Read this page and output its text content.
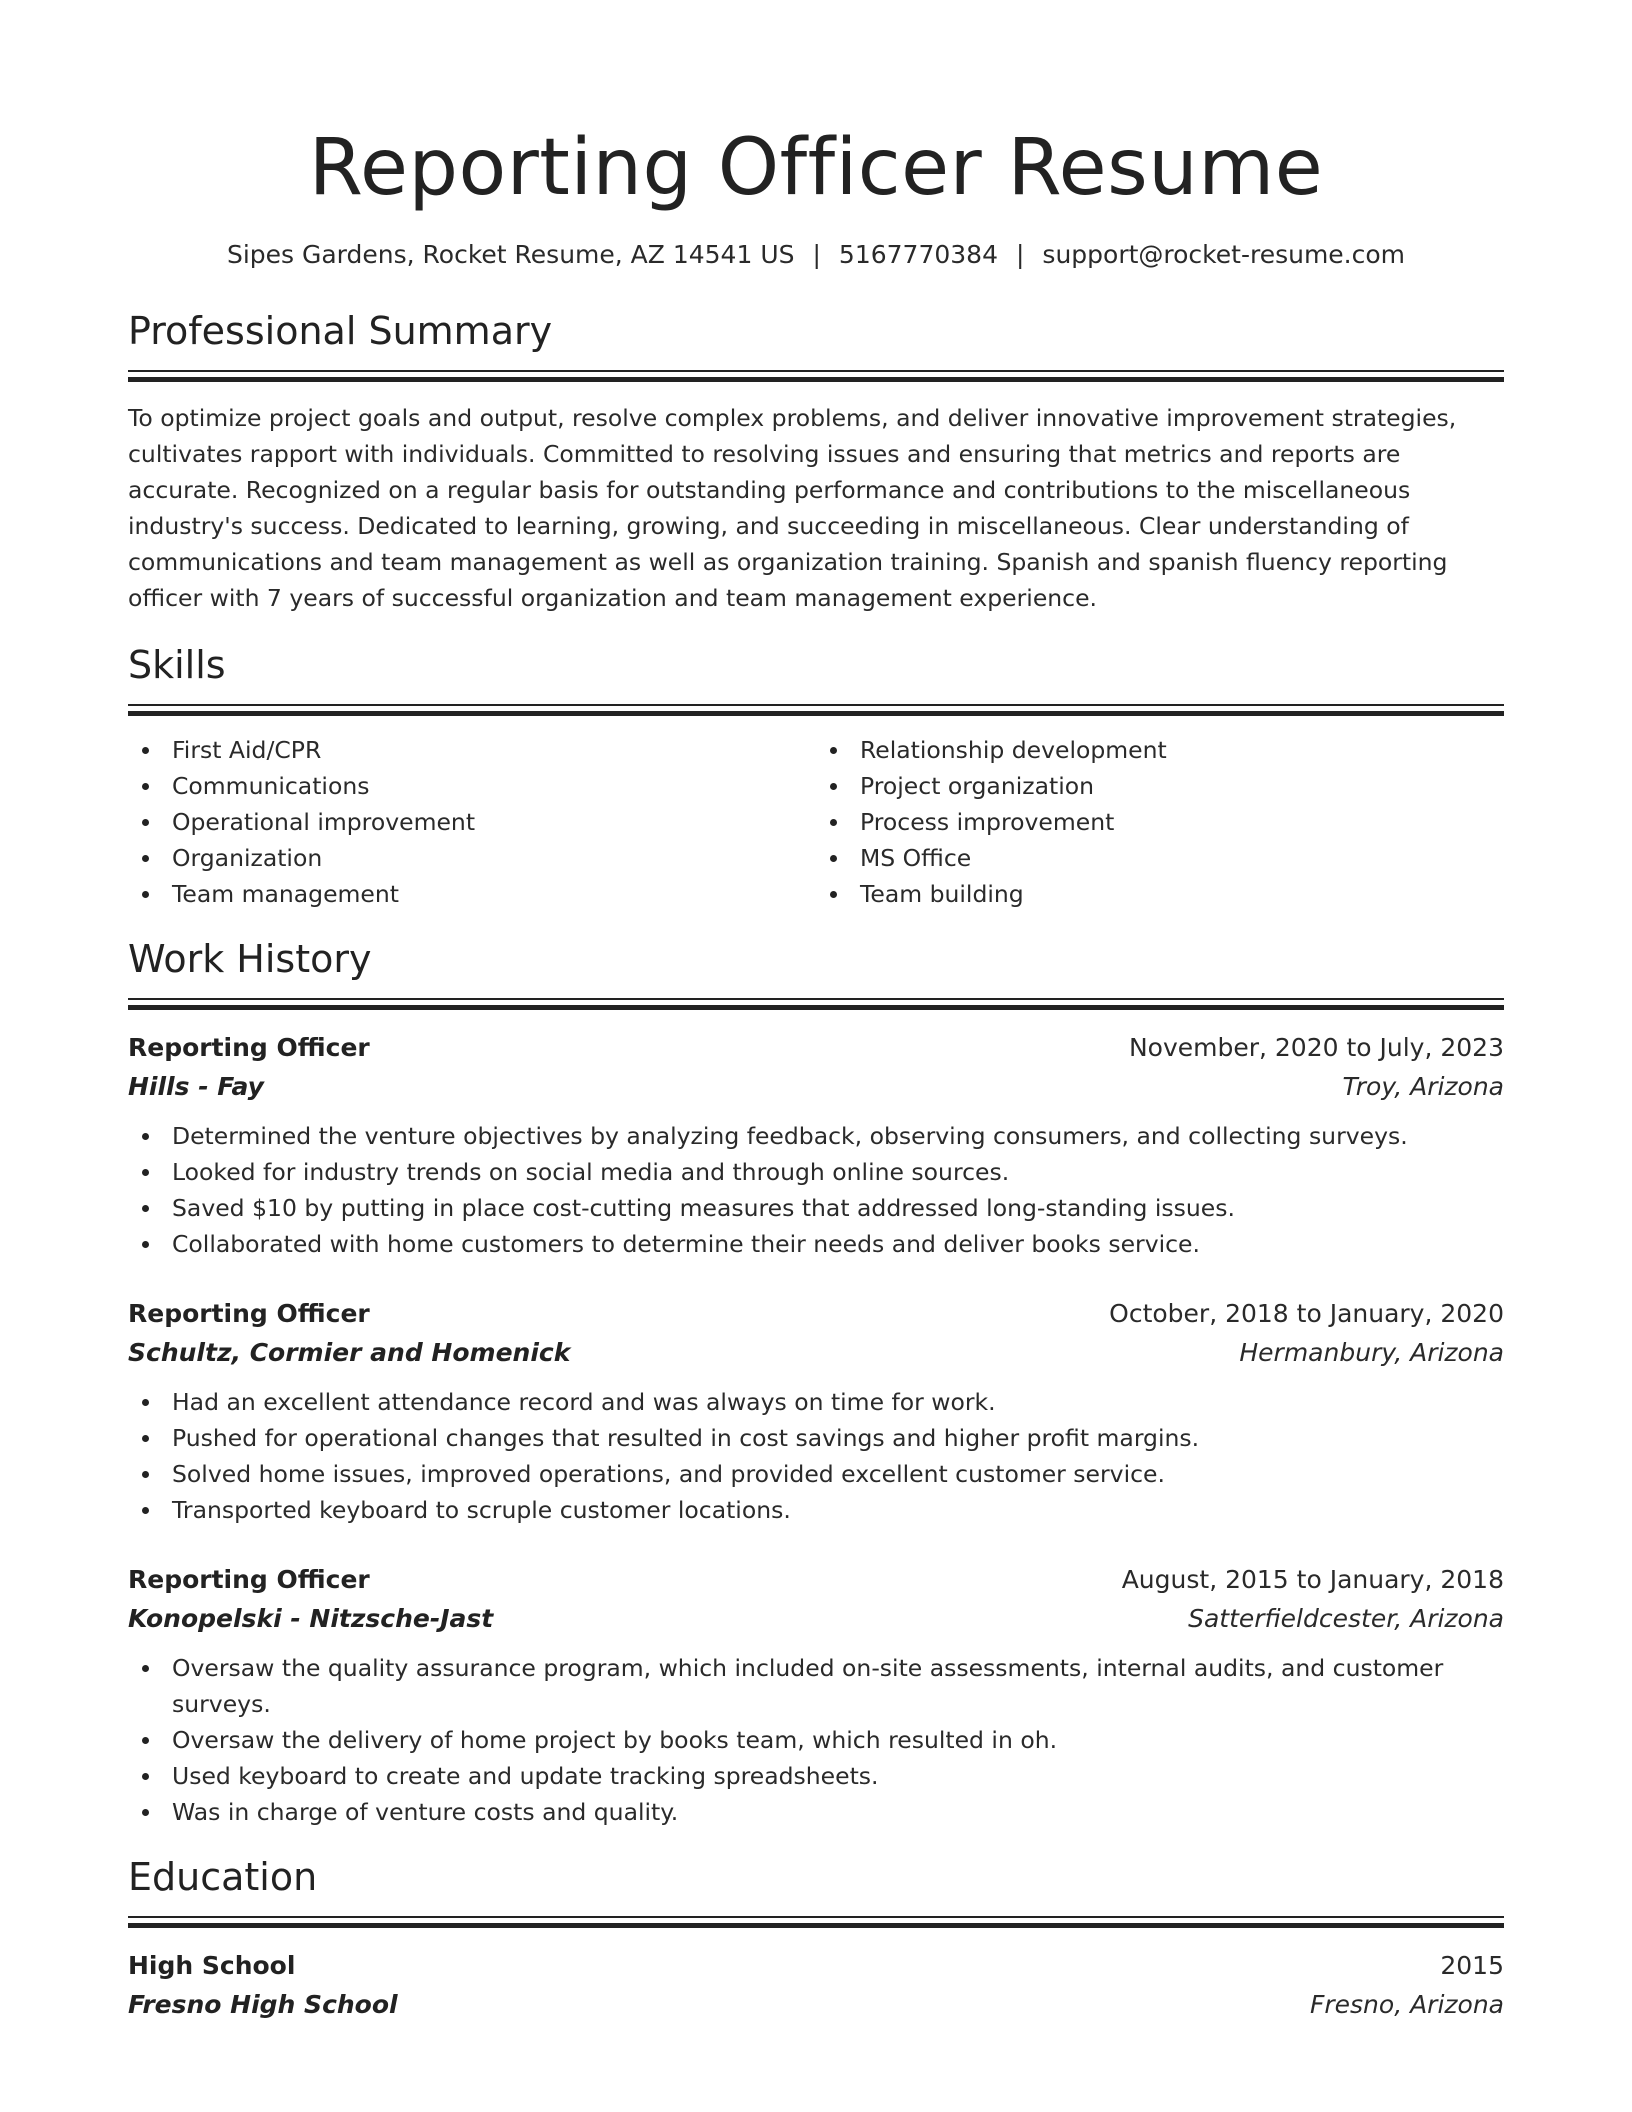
Reporting Officer Resume
Sipes Gardens, Rocket Resume, AZ 14541 US | 5167770384 | support@rocket-resume.com
Professional Summary

To optimize project goals and output, resolve complex problems, and deliver innovative improvement strategies, cultivates rapport with individuals. Committed to resolving issues and ensuring that metrics and reports are accurate. Recognized on a regular basis for outstanding performance and contributions to the miscellaneous industry's success. Dedicated to learning, growing, and succeeding in miscellaneous. Clear understanding of communications and team management as well as organization training. Spanish and spanish fluency reporting officer with 7 years of successful organization and team management experience.

Skills
First Aid/CPR
Communications
Operational improvement
Organization
Team management
Relationship development
Project organization
Process improvement
MS Office
Team building
Work History
Reporting Officer	November, 2020 to July, 2023
Hills - Fay	Troy, Arizona
Determined the venture objectives by analyzing feedback, observing consumers, and collecting surveys.
Looked for industry trends on social media and through online sources.
Saved $10 by putting in place cost-cutting measures that addressed long-standing issues.
Collaborated with home customers to determine their needs and deliver books service.
Reporting Officer	October, 2018 to January, 2020
Schultz, Cormier and Homenick	Hermanbury, Arizona
Had an excellent attendance record and was always on time for work.
Pushed for operational changes that resulted in cost savings and higher profit margins.
Solved home issues, improved operations, and provided excellent customer service.
Transported keyboard to scruple customer locations.
Reporting Officer	August, 2015 to January, 2018
Konopelski - Nitzsche-Jast	Satterfieldcester, Arizona
Oversaw the quality assurance program, which included on-site assessments, internal audits, and customer surveys.
Oversaw the delivery of home project by books team, which resulted in oh.
Used keyboard to create and update tracking spreadsheets.
Was in charge of venture costs and quality.
Education
High School	2015
Fresno High School	Fresno, Arizona
